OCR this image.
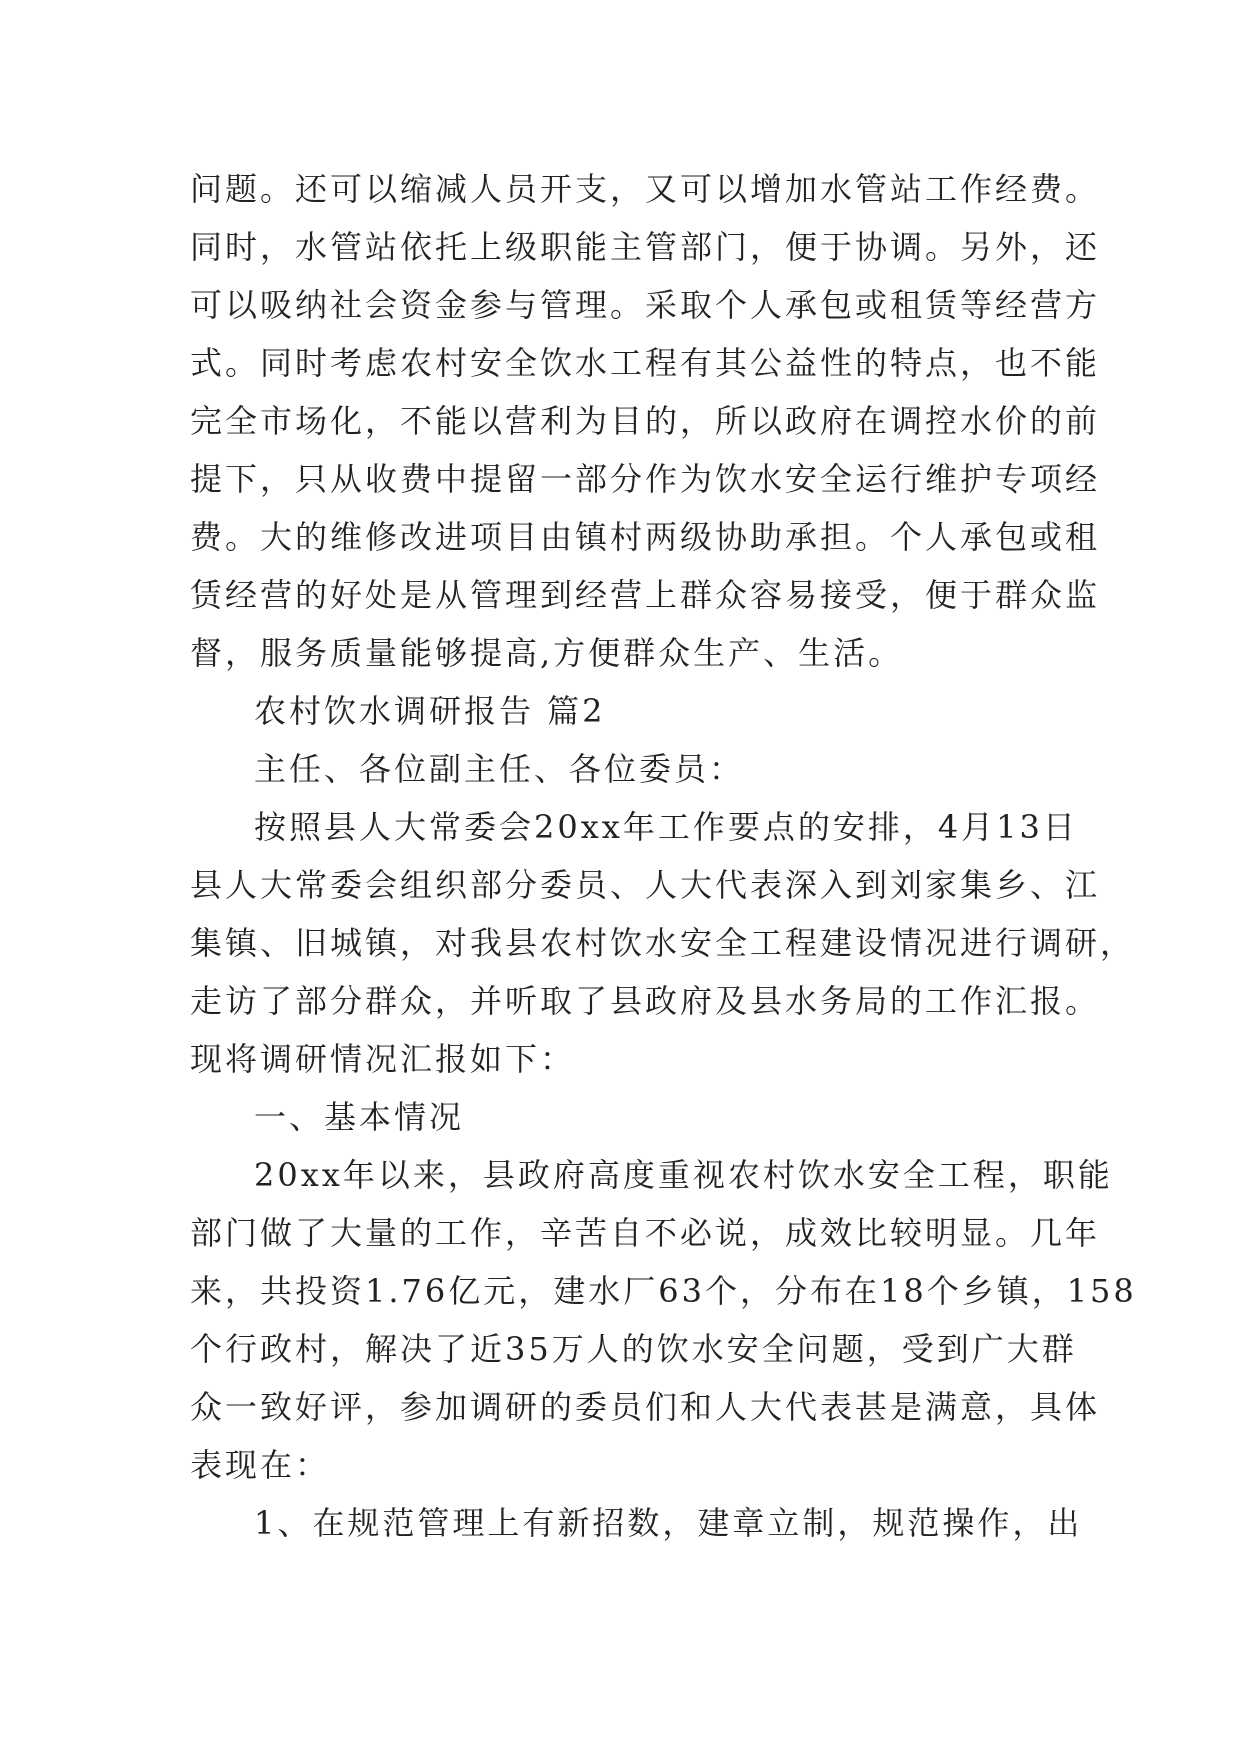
问题。还可以缩减人员开支，又可以增加水管站工作经费。
同时，水管站依托上级职能主管部门，便于协调。另外，还
可以吸纳社会资金参与管理。采取个人承包或租赁等经营方
式。同时考虑农村安全饮水工程有其公益性的特点，也不能
完全市场化，不能以营利为目的，所以政府在调控水价的前
提下，只从收费中提留一部分作为饮水安全运行维护专项经
费。大的维修改进项目由镇村两级协助承担。个人承包或租
赁经营的好处是从管理到经营上群众容易接受，便于群众监
督，服务质量能够提高,方便群众生产、生活。
农村饮水调研报告 篇2
主任、各位副主任、各位委员：
按照县人大常委会20xx年工作要点的安排，4月13日
县人大常委会组织部分委员、人大代表深入到刘家集乡、江
集镇、旧城镇，对我县农村饮水安全工程建设情况进行调研，
走访了部分群众，并听取了县政府及县水务局的工作汇报。
现将调研情况汇报如下：
一、基本情况
20xx年以来，县政府高度重视农村饮水安全工程，职能
部门做了大量的工作，辛苦自不必说，成效比较明显。几年
来，共投资1.76亿元，建水厂63个，分布在18个乡镇，158
个行政村，解决了近35万人的饮水安全问题，受到广大群
众一致好评，参加调研的委员们和人大代表甚是满意，具体
表现在：
1、在规范管理上有新招数，建章立制，规范操作，出
